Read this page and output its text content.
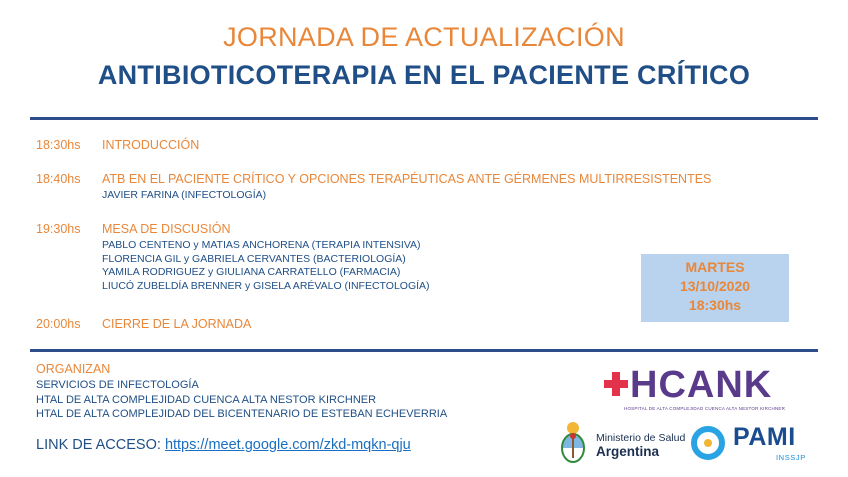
JORNADA DE ACTUALIZACIÓN
ANTIBIOTICOTERAPIA EN EL PACIENTE CRÍTICO
18:30hs	INTRODUCCIÓN
18:40hs	ATB EN EL PACIENTE CRÍTICO Y OPCIONES TERAPÉUTICAS ANTE GÉRMENES MULTIRRESISTENTES
JAVIER FARINA (INFECTOLOGÍA)
19:30hs	MESA DE DISCUSIÓN
PABLO CENTENO y MATIAS ANCHORENA (TERAPIA INTENSIVA)
FLORENCIA GIL y GABRIELA CERVANTES (BACTERIOLOGÍA)
YAMILA RODRIGUEZ y GIULIANA CARRATELLO (FARMACIA)
LIUCÓ ZUBELDÍA BRENNER y GISELA ARÉVALO (INFECTOLOGÍA)
20:00hs	CIERRE DE LA JORNADA
MARTES
13/10/2020
18:30hs
ORGANIZAN
SERVICIOS DE INFECTOLOGÍA
HTAL DE ALTA COMPLEJIDAD CUENCA ALTA NESTOR KIRCHNER
HTAL DE ALTA COMPLEJIDAD DEL BICENTENARIO DE ESTEBAN ECHEVERRIA
LINK DE ACCESO: https://meet.google.com/zkd-mqkn-qju
HCANK
HOSPITAL DE ALTA COMPLEJIDAD CUENCA ALTA NESTOR KIRCHNER
Ministerio de Salud
Argentina
PAMI
INSSJP
